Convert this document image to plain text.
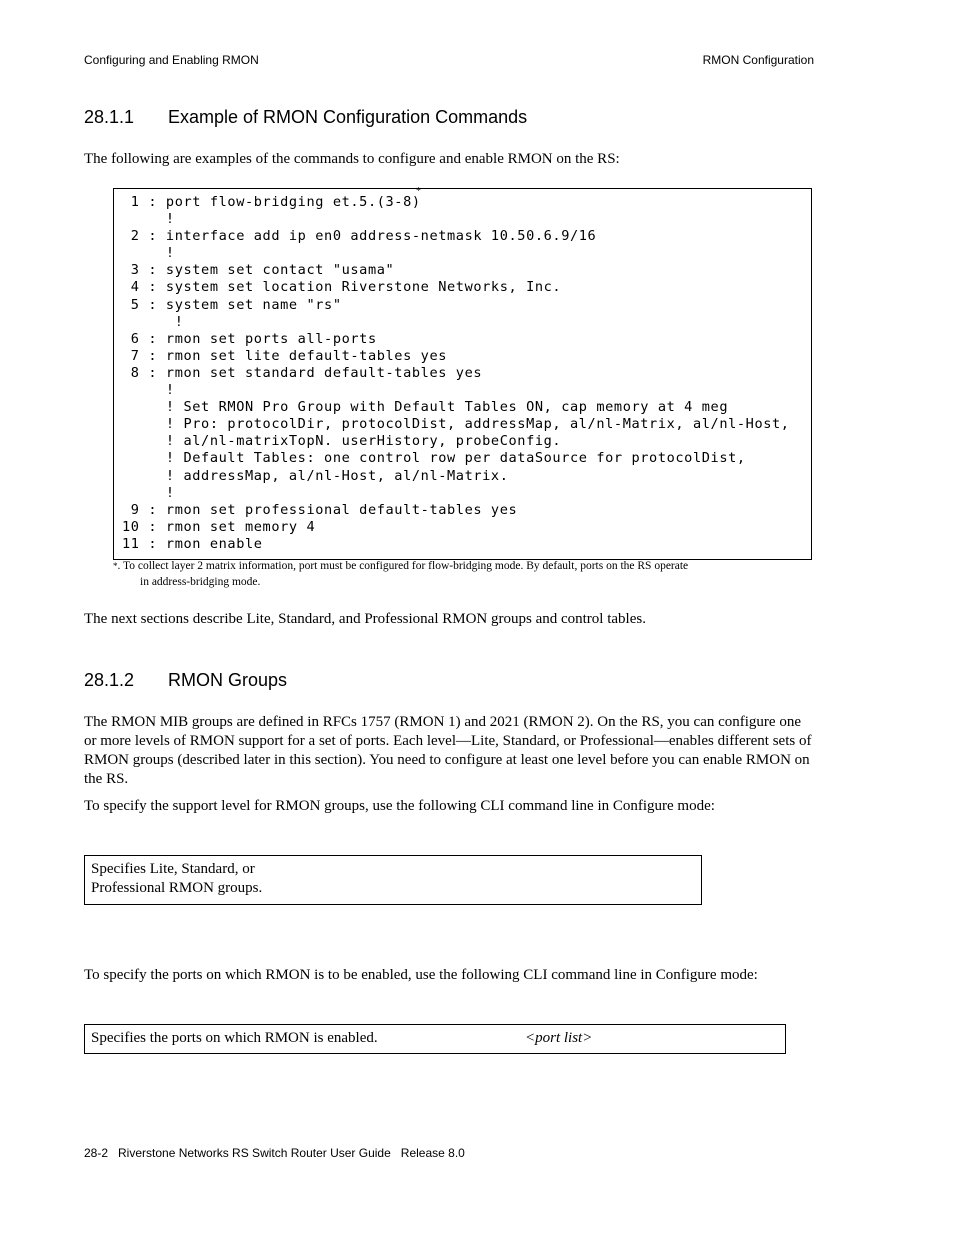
Configuring and Enabling RMON	RMON Configuration
28.1.1 Example of RMON Configuration Commands
The following are examples of the commands to configure and enable RMON on the RS:
*
1 : port flow-bridging et.5.(3-8)
!
2 : interface add ip en0 address-netmask 10.50.6.9/16
!
3 : system set contact "usama"
4 : system set location Riverstone Networks, Inc.
5 : system set name "rs"
!
6 : rmon set ports all-ports
7 : rmon set lite default-tables yes
8 : rmon set standard default-tables yes
!
! Set RMON Pro Group with Default Tables ON, cap memory at 4 meg
! Pro: protocolDir, protocolDist, addressMap, al/nl-Matrix, al/nl-Host,
! al/nl-matrixTopN. userHistory, probeConfig.
! Default Tables: one control row per dataSource for protocolDist,
! addressMap, al/nl-Host, al/nl-Matrix.
!
9 : rmon set professional default-tables yes
10 : rmon set memory 4
11 : rmon enable
*. To collect layer 2 matrix information, port must be configured for flow-bridging mode. By default, ports on the RS operate
in address-bridging mode.
The next sections describe Lite, Standard, and Professional RMON groups and control tables.
28.1.2 RMON Groups
The RMON MIB groups are defined in RFCs 1757 (RMON 1) and 2021 (RMON 2). On the RS, you can configure one or more levels of RMON support for a set of ports. Each level—Lite, Standard, or Professional—enables different sets of RMON groups (described later in this section). You need to configure at least one level before you can enable RMON on the RS.
To specify the support level for RMON groups, use the following CLI command line in Configure mode:
Specifies Lite, Standard, or
Professional RMON groups.
To specify the ports on which RMON is to be enabled, use the following CLI command line in Configure mode:
Specifies the ports on which RMON is enabled.	<port list>
28-2   Riverstone Networks RS Switch Router User Guide   Release 8.0
